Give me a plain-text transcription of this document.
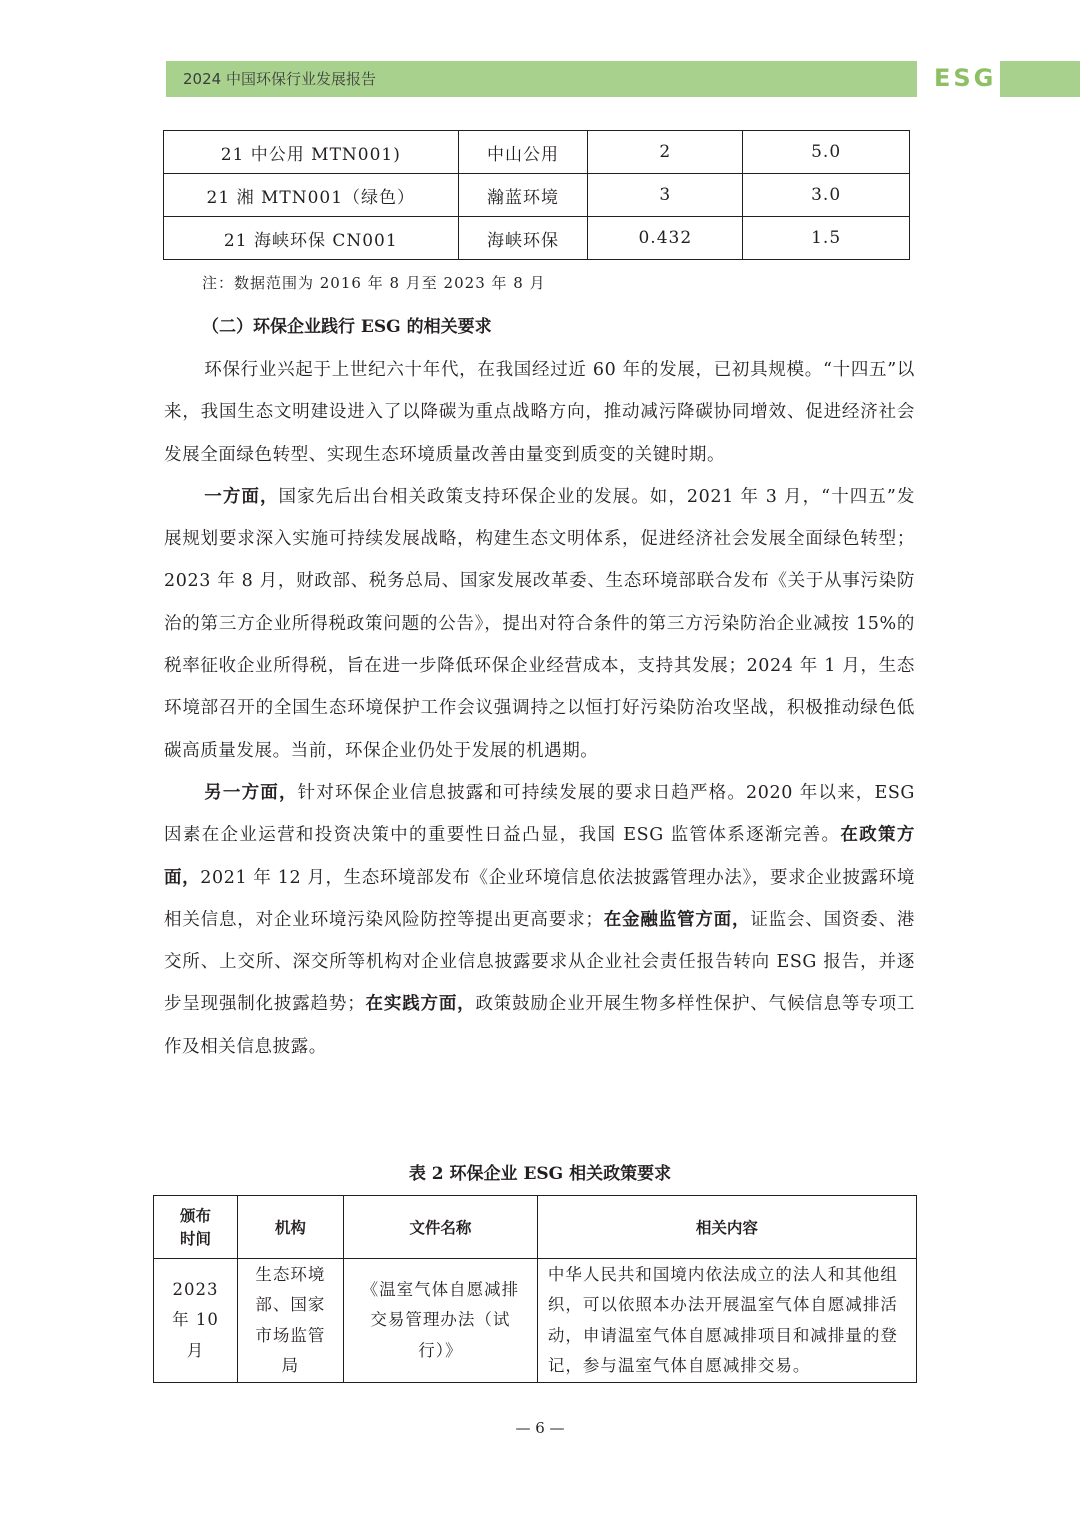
2024 中国环保行业发展报告	ESG
21 中公用 MTN001)	中山公用	2	5.0
21 湘 MTN001（绿色）	瀚蓝环境	3	3.0
21 海峡环保 CN001	海峡环保	0.432	1.5
注：数据范围为 2016 年 8 月至 2023 年 8 月
（二）环保企业践行 ESG 的相关要求

环保行业兴起于上世纪六十年代，在我国经过近 60 年的发展，已初具规模。“十四五”以来，我国生态文明建设进入了以降碳为重点战略方向，推动减污降碳协同增效、促进经济社会发展全面绿色转型、实现生态环境质量改善由量变到质变的关键时期。

一方面，国家先后出台相关政策支持环保企业的发展。如，2021 年 3 月，“十四五”发展规划要求深入实施可持续发展战略，构建生态文明体系，促进经济社会发展全面绿色转型；2023 年 8 月，财政部、税务总局、国家发展改革委、生态环境部联合发布《关于从事污染防治的第三方企业所得税政策问题的公告》，提出对符合条件的第三方污染防治企业减按 15%的税率征收企业所得税，旨在进一步降低环保企业经营成本，支持其发展；2024 年 1 月，生态环境部召开的全国生态环境保护工作会议强调持之以恒打好污染防治攻坚战，积极推动绿色低碳高质量发展。当前，环保企业仍处于发展的机遇期。

另一方面，针对环保企业信息披露和可持续发展的要求日趋严格。2020 年以来，ESG 因素在企业运营和投资决策中的重要性日益凸显，我国 ESG 监管体系逐渐完善。在政策方面，2021 年 12 月，生态环境部发布《企业环境信息依法披露管理办法》，要求企业披露环境相关信息，对企业环境污染风险防控等提出更高要求；在金融监管方面，证监会、国资委、港交所、上交所、深交所等机构对企业信息披露要求从企业社会责任报告转向 ESG 报告，并逐步呈现强制化披露趋势；在实践方面，政策鼓励企业开展生物多样性保护、气候信息等专项工作及相关信息披露。

表 2 环保企业 ESG 相关政策要求
颁布时间	机构	文件名称	相关内容

2023 年 10 月	生态环境部、国家市场监管局	《温室气体自愿减排交易管理办法（试行）》	中华人民共和国境内依法成立的法人和其他组织，可以依照本办法开展温室气体自愿减排活动，申请温室气体自愿减排项目和减排量的登记，参与温室气体自愿减排交易。
— 6 —
